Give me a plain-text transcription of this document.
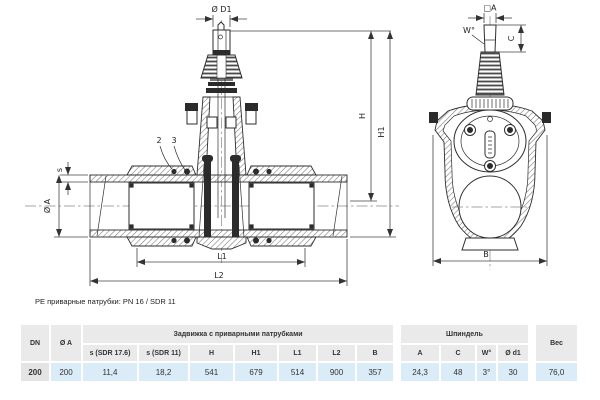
2 3
Ø D1
H
H1
s
Ø A
L1
L2
□A
W°
C
B
PE приварные патрубки: PN 16 / SDR 11
DN	Ø A
Задвижка с приварными патрубками	Шпиндель
Вес
s (SDR 17.6)	s (SDR 11)	H	H1	L1	L2	B	A	C	W°	Ø d1
200	200	11,4	18,2	541	679	514	900	357	24,3	48	3°	30	76,0
